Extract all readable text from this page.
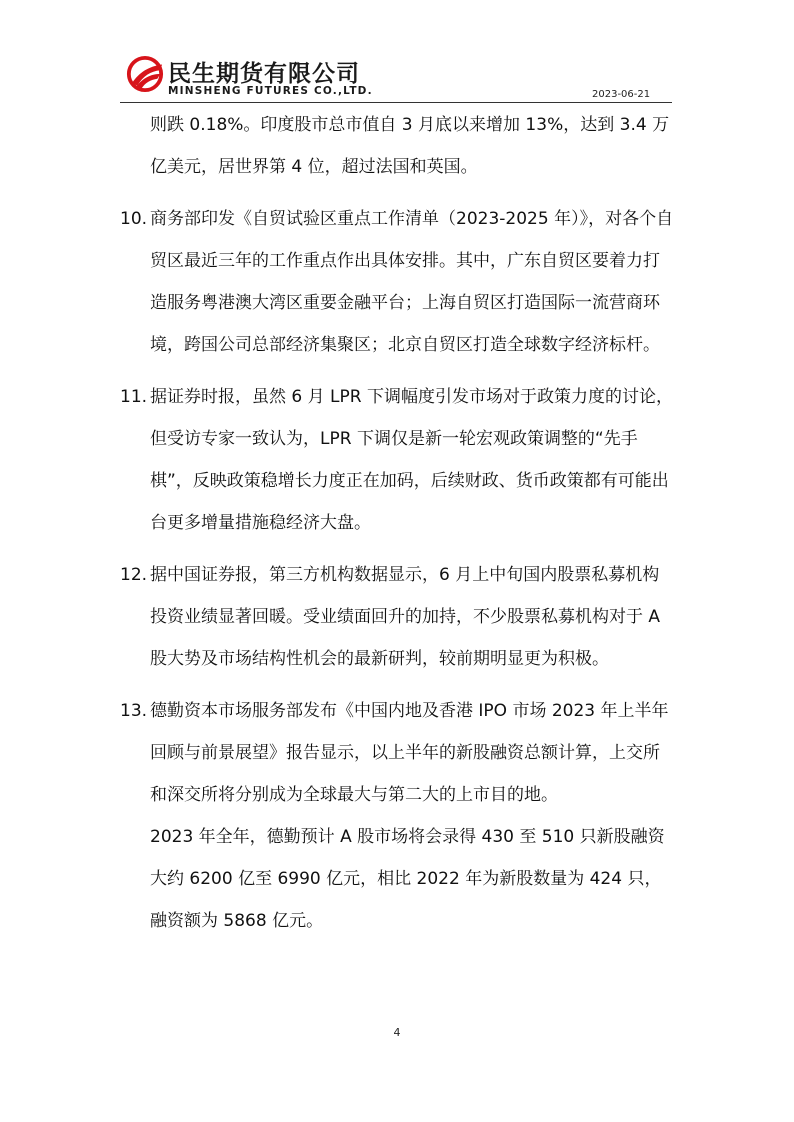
民生期货有限公司
MINSHENG FUTURES CO.,LTD.	2023-06-21
则跌 0.18%。印度股市总市值自 3 月底以来增加 13%，达到 3.4 万亿美元，居世界第 4 位，超过法国和英国。
10. 商务部印发《自贸试验区重点工作清单（2023-2025 年）》，对各个自贸区最近三年的工作重点作出具体安排。其中，广东自贸区要着力打造服务粤港澳大湾区重要金融平台；上海自贸区打造国际一流营商环境，跨国公司总部经济集聚区；北京自贸区打造全球数字经济标杆。
11. 据证券时报，虽然 6 月 LPR 下调幅度引发市场对于政策力度的讨论，但受访专家一致认为，LPR 下调仅是新一轮宏观政策调整的“先手棋”，反映政策稳增长力度正在加码，后续财政、货币政策都有可能出台更多增量措施稳经济大盘。
12. 据中国证券报，第三方机构数据显示，6 月上中旬国内股票私募机构投资业绩显著回暖。受业绩面回升的加持，不少股票私募机构对于 A 股大势及市场结构性机会的最新研判，较前期明显更为积极。
13. 德勤资本市场服务部发布《中国内地及香港 IPO 市场 2023 年上半年回顾与前景展望》报告显示，以上半年的新股融资总额计算，上交所和深交所将分别成为全球最大与第二大的上市目的地。
2023 年全年，德勤预计 A 股市场将会录得 430 至 510 只新股融资大约 6200 亿至 6990 亿元，相比 2022 年为新股数量为 424 只，融资额为 5868 亿元。
4
